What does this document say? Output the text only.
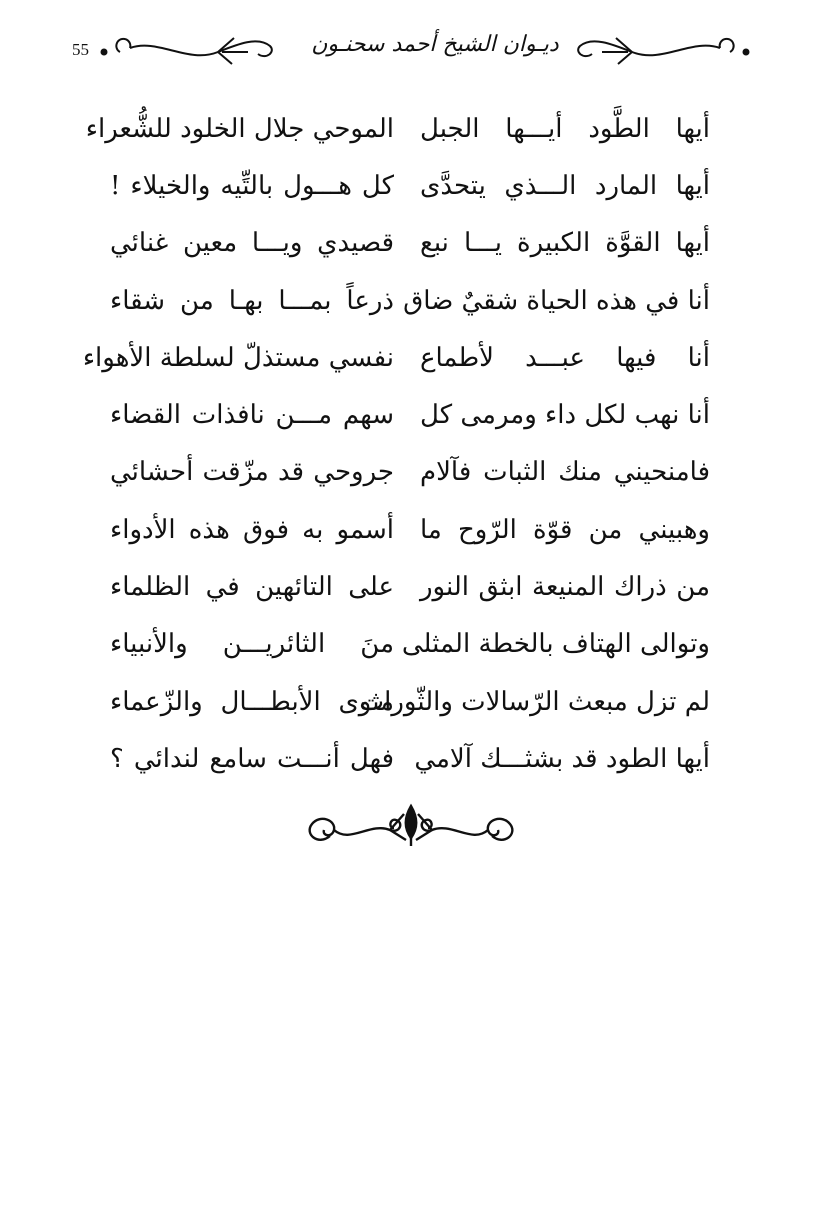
55	ديـوان الشيخ أحمد سحنـون
أيها الطَّود أيـــها الجبل
الموحي جلال الخلود للشُّعراء
أيها المارد الـــذي يتحدَّى
كل هـــول بالتِّيه والخيلاء !
أيها القوَّة الكبيرة يـــا نبع
قصيدي ويـــا معين غنائي
أنا في هذه الحياة شقيٌ ضاق
ذرعاً بمـــا بهـا من شقاء
أنا فيها عبـــد لأطماع
نفسي مستذلّ لسلطة الأهواء
أنا نهب لكل داء ومرمى كل
سهم مـــن نافذات القضاء
فامنحيني منك الثبات فآلام
جروحي قد مزّقت أحشائي
وهبيني من قوّة الرّوح ما
أسمو به فوق هذه الأدواء
من ذراك المنيعة ابثق النور
على التائهين في الظلماء
وتوالى الهتاف بالخطة المثلى
منَ الثائريـــن والأنبياء
لم تزل مبعث الرّسالات والثّورات
مثوى الأبطـــال والزّعماء
أيها الطود قد بشثـــك آلامي
فهل أنـــت سامع لندائي ؟
